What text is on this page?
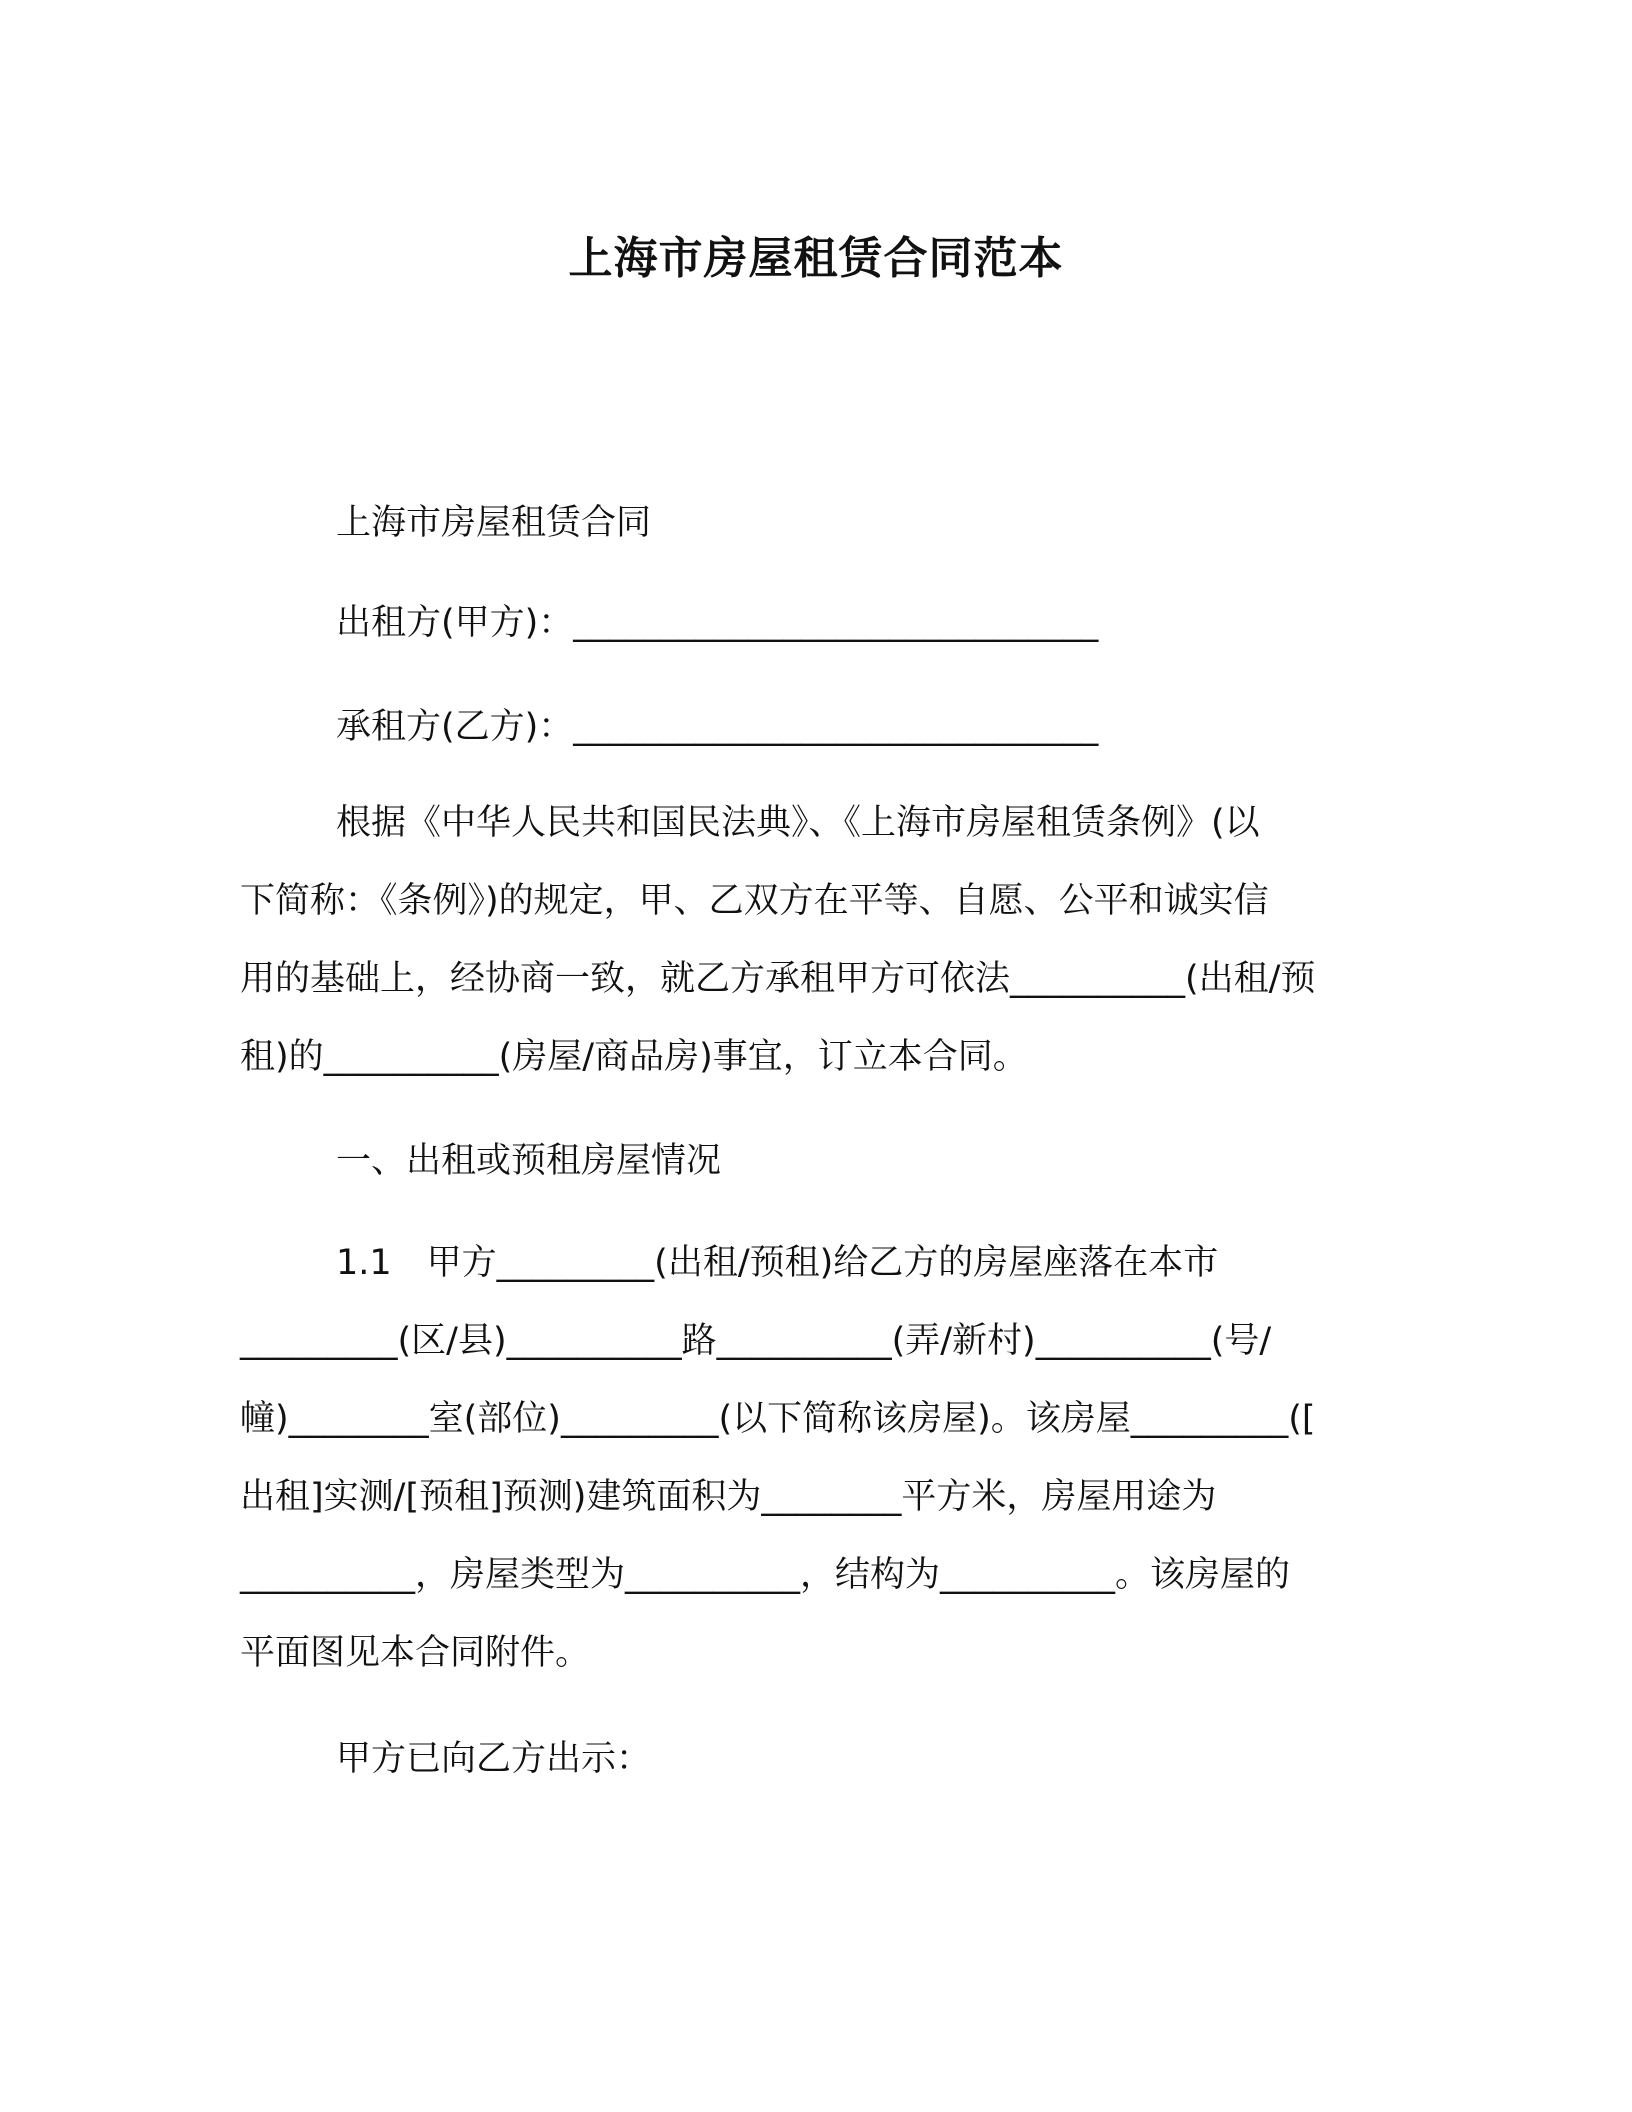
上海市房屋租赁合同范本
上海市房屋租赁合同
出租方(甲方)：______________________________
承租方(乙方)：______________________________
根据《中华人民共和国民法典》、《上海市房屋租赁条例》(以
下简称：《条例》)的规定，甲、乙双方在平等、自愿、公平和诚实信
用的基础上，经协商一致，就乙方承租甲方可依法__________(出租/预
租)的__________(房屋/商品房)事宜，订立本合同。
一、出租或预租房屋情况
1.1　甲方_________(出租/预租)给乙方的房屋座落在本市
_________(区/县)__________路__________(弄/新村)__________(号/
幢)________室(部位)_________(以下简称该房屋)。该房屋_________([
出租]实测/[预租]预测)建筑面积为________平方米，房屋用途为
__________，房屋类型为__________，结构为__________。该房屋的
平面图见本合同附件。
甲方已向乙方出示：
